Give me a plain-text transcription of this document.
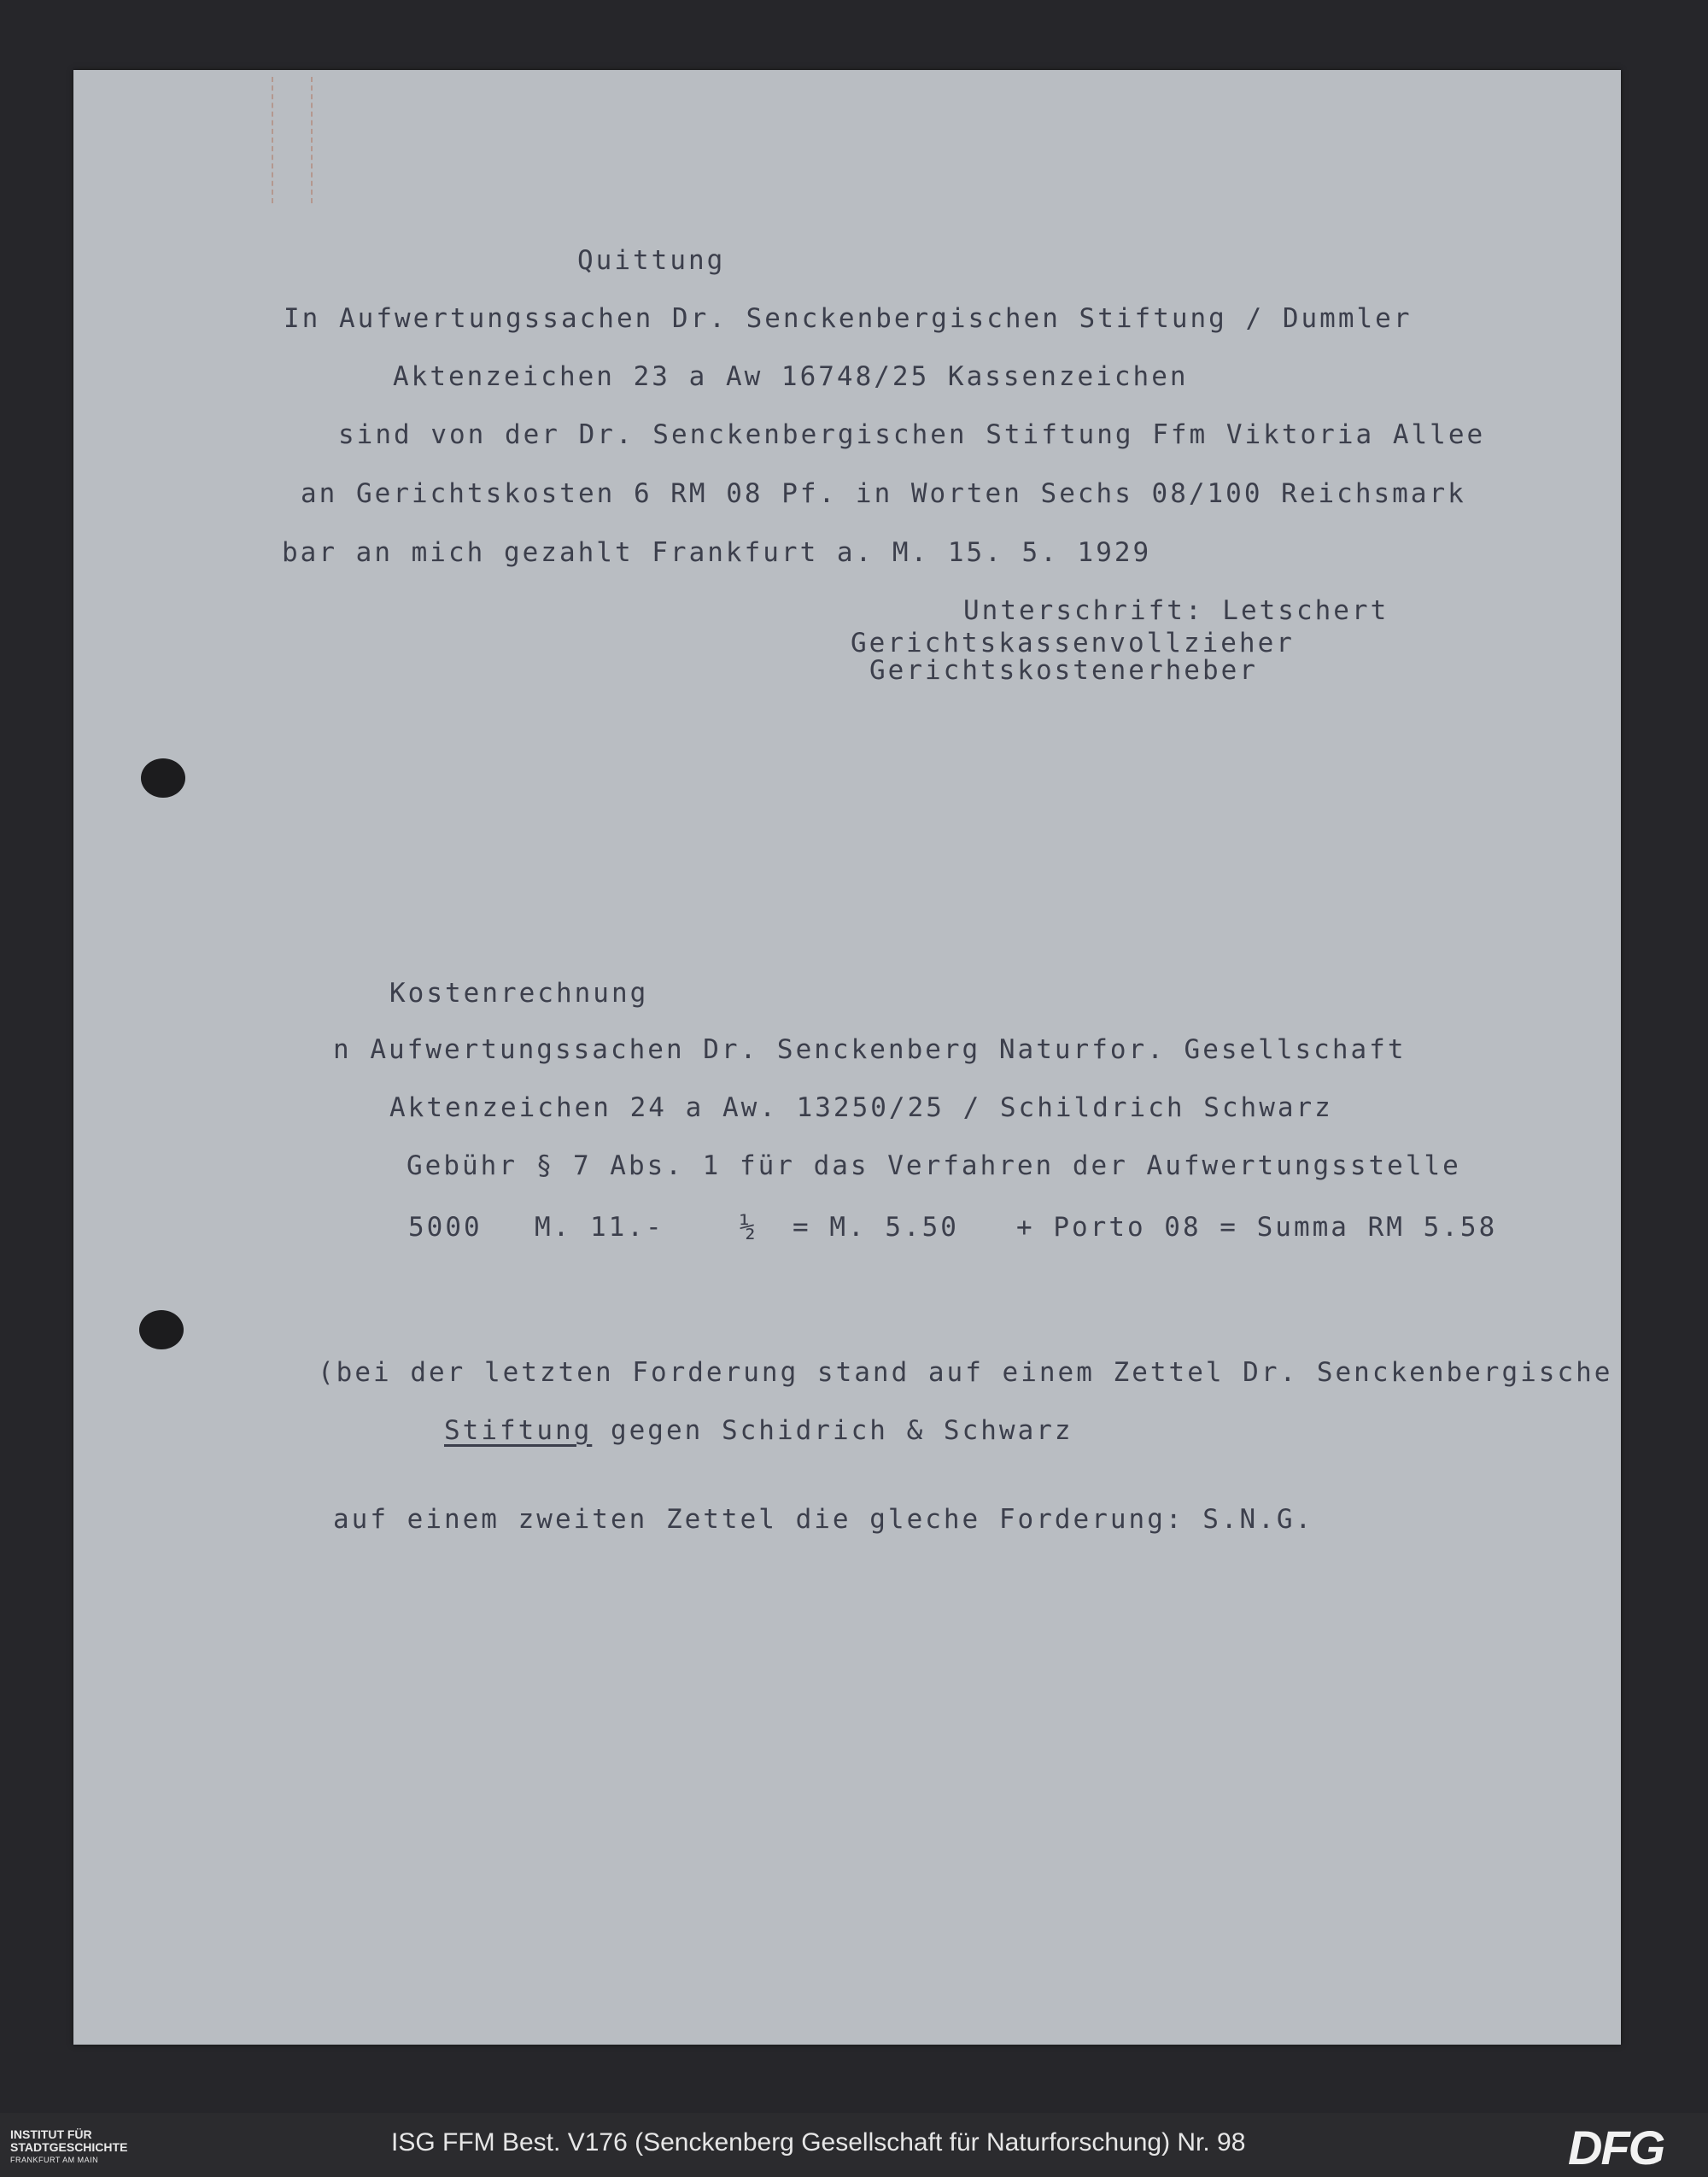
Quittung

In Aufwertungssachen Dr. Senckenbergischen Stiftung / Dummler

Aktenzeichen 23 a Aw 16748/25 Kassenzeichen

sind von der Dr. Senckenbergischen Stiftung Ffm Viktoria Allee

an Gerichtskosten 6 RM 08 Pf. in Worten Sechs 08/100 Reichsmark

bar an mich gezahlt Frankfurt a. M. 15. 5. 1929

Unterschrift: Letschert

Gerichtskassenvollzieher

Gerichtskostenerheber

Kostenrechnung

n Aufwertungssachen Dr. Senckenberg Naturfor. Gesellschaft

Aktenzeichen 24 a Aw. 13250/25 / Schildrich Schwarz

Gebühr § 7 Abs. 1 für das Verfahren der Aufwertungsstelle

5000 M. 11.-	½ = M. 5.50 + Porto 08 = Summa RM 5.58

(bei der letzten Forderung stand auf einem Zettel Dr. Senckenbergische

Stiftung gegen Schidrich & Schwarz

auf einem zweiten Zettel die gleche Forderung: S.N.G.

INSTITUT FÜR
STADTGESCHICHTE
FRANKFURT AM MAIN
ISG FFM Best. V176 (Senckenberg Gesellschaft für Naturforschung) Nr. 98	DFG
